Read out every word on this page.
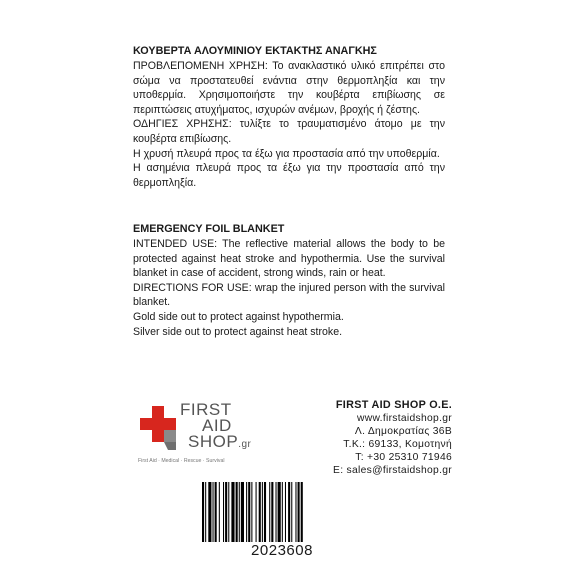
ΚΟΥΒΕΡΤΑ ΑΛΟΥΜΙΝΙΟΥ ΕΚΤΑΚΤΗΣ ΑΝΑΓΚΗΣ

ΠΡΟΒΛΕΠΟΜΕΝΗ ΧΡΗΣΗ: Το ανακλαστικό υλικό επιτρέπει στο σώμα να προστατευθεί ενάντια στην θερμοπληξία και την υποθερμία. Χρησιμοποιήστε την κουβέρτα επιβίωσης σε περιπτώσεις ατυχήματος, ισχυρών ανέμων, βροχής ή ζέστης.

ΟΔΗΓΙΕΣ ΧΡΗΣΗΣ: τυλίξτε το τραυματισμένο άτομο με την κουβέρτα επιβίωσης.

Η χρυσή πλευρά προς τα έξω για προστασία από την υποθερμία.

Η ασημένια πλευρά προς τα έξω για την προστασία από την θερμοπληξία.

EMERGENCY FOIL BLANKET

INTENDED USE: The reflective material allows the body to be protected against heat stroke and hypothermia. Use the survival blanket in case of accident, strong winds, rain or heat.

DIRECTIONS FOR USE: wrap the injured person with the survival blanket.

Gold side out to protect against hypothermia.

Silver side out to protect against heat stroke.

FIRST
AID
SHOP.gr
First Aid · Medical · Rescue · Survival
FIRST AID SHOP O.E.
www.firstaidshop.gr
Λ. Δημοκρατίας 36Β
Τ.Κ.: 69133, Κομοτηνή
Τ: +30 25310 71946
E: sales@firstaidshop.gr
2023608
